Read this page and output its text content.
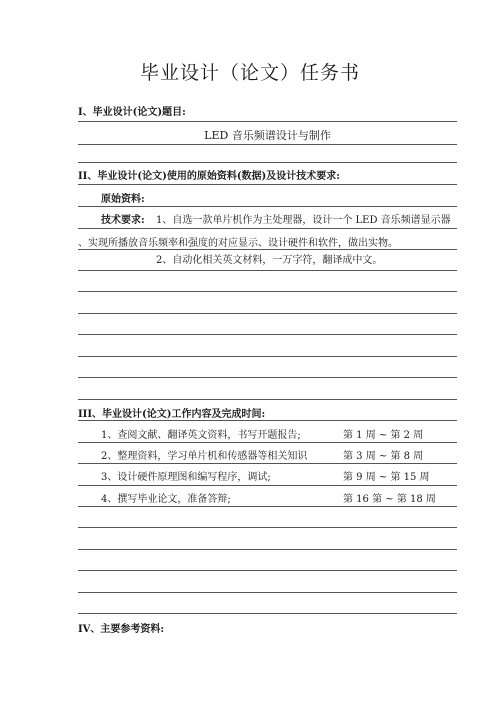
毕业设计（论文）任务书
I、毕业设计(论文)题目:
LED 音乐频谱设计与制作
II、毕业设计(论文)使用的原始资料(数据)及设计技术要求:
原始资料:
技术要求: 1、自选一款单片机作为主处理器，设计一个 LED 音乐频谱显示器
、实现所播放音乐频率和强度的对应显示、设计硬件和软件，做出实物。
2、自动化相关英文材料，一万字符，翻译成中文。
III、毕业设计(论文)工作内容及完成时间:
1、查阅文献、翻译英文资料，书写开题报告;	第 1 周 ~ 第 2 周
2、整理资料，学习单片机和传感器等相关知识	第 3 周 ~ 第 8 周
3、设计硬件原理图和编写程序，调试;	第 9 周 ~ 第 15 周
4、撰写毕业论文，准备答辩;	第 16 第 ~ 第 18 周
IV、主要参考资料:
